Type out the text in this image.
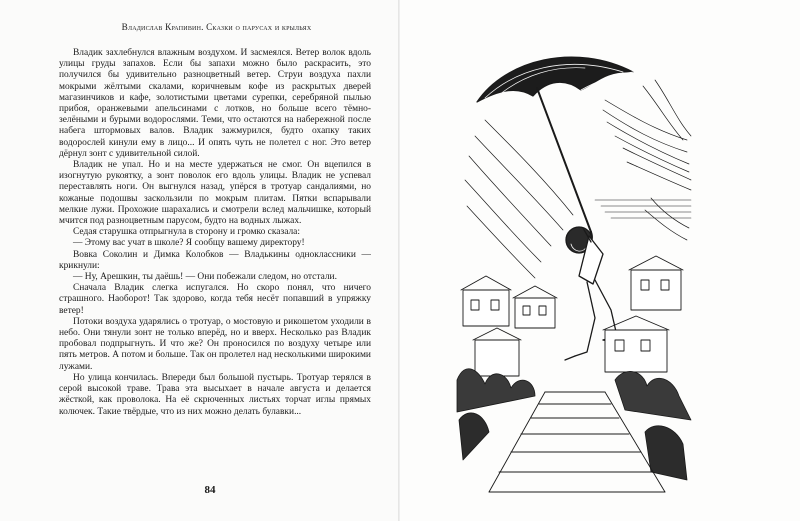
Владислав Крапивин. Сказки о парусах и крыльях

Владик захлебнулся влажным воздухом. И засмеялся. Ветер волок вдоль улицы груды запахов. Если бы запахи можно было раскрасить, это получился бы удивительно разноцветный ветер. Струи воздуха пахли мокрыми жёлтыми скалами, коричневым кофе из раскрытых дверей магазинчиков и кафе, золотистыми цветами сурепки, серебряной пылью прибоя, оранжевыми апельсинами с лотков, но больше всего тёмно-зелёными и бурыми водорослями. Теми, что остаются на набережной после набега штормовых валов. Владик зажмурился, будто охапку таких водорослей кинули ему в лицо... И опять чуть не полетел с ног. Это ветер дёрнул зонт с удивительной силой.

Владик не упал. Но и на месте удержаться не смог. Он вцепился в изогнутую рукоятку, а зонт поволок его вдоль улицы. Владик не успевал переставлять ноги. Он выгнулся назад, упёрся в тротуар сандалиями, но кожаные подошвы заскользили по мокрым плитам. Пятки вспарывали мелкие лужи. Прохожие шарахались и смотрели вслед мальчишке, который мчится под разноцветным парусом, будто на водных лыжах.

Седая старушка отпрыгнула в сторону и громко сказала:

— Этому вас учат в школе? Я сообщу вашему директору!

Вовка Соколин и Димка Колобков — Владькины одноклассники — крикнули:

— Ну, Арешкин, ты даёшь! — Они побежали следом, но отстали.

Сначала Владик слегка испугался. Но скоро понял, что ничего страшного. Наоборот! Так здорово, когда тебя несёт попавший в упряжку ветер!

Потоки воздуха ударялись о тротуар, о мостовую и рикошетом уходили в небо. Они тянули зонт не только вперёд, но и вверх. Несколько раз Владик пробовал подпрыгнуть. И что же? Он проносился по воздуху четыре или пять метров. А потом и больше. Так он пролетел над несколькими широкими лужами.

Но улица кончилась. Впереди был большой пустырь. Тротуар терялся в серой высокой траве. Трава эта высыхает в начале августа и делается жёсткой, как проволока. На её скрюченных листьях торчат иглы прямых колючек. Такие твёрдые, что из них можно делать булавки...

84
